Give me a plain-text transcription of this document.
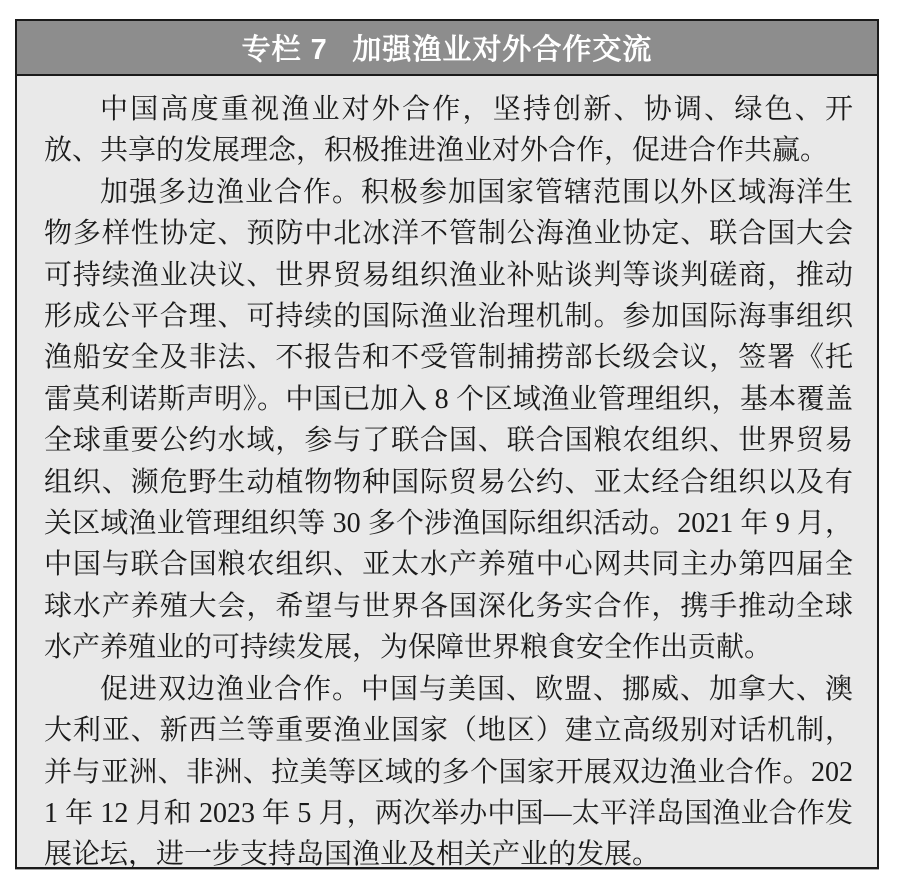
专栏 7 加强渔业对外合作交流

中国高度重视渔业对外合作，坚持创新、协调、绿色、开放、共享的发展理念，积极推进渔业对外合作，促进合作共赢。

加强多边渔业合作。积极参加国家管辖范围以外区域海洋生物多样性协定、预防中北冰洋不管制公海渔业协定、联合国大会可持续渔业决议、世界贸易组织渔业补贴谈判等谈判磋商，推动形成公平合理、可持续的国际渔业治理机制。参加国际海事组织渔船安全及非法、不报告和不受管制捕捞部长级会议，签署《托雷莫利诺斯声明》。中国已加入 8 个区域渔业管理组织，基本覆盖全球重要公约水域，参与了联合国、联合国粮农组织、世界贸易组织、濒危野生动植物物种国际贸易公约、亚太经合组织以及有关区域渔业管理组织等 30 多个涉渔国际组织活动。2021 年 9 月，中国与联合国粮农组织、亚太水产养殖中心网共同主办第四届全球水产养殖大会，希望与世界各国深化务实合作，携手推动全球水产养殖业的可持续发展，为保障世界粮食安全作出贡献。

促进双边渔业合作。中国与美国、欧盟、挪威、加拿大、澳大利亚、新西兰等重要渔业国家（地区）建立高级别对话机制，并与亚洲、非洲、拉美等区域的多个国家开展双边渔业合作。2021 年 12 月和 2023 年 5 月，两次举办中国—太平洋岛国渔业合作发展论坛，进一步支持岛国渔业及相关产业的发展。
